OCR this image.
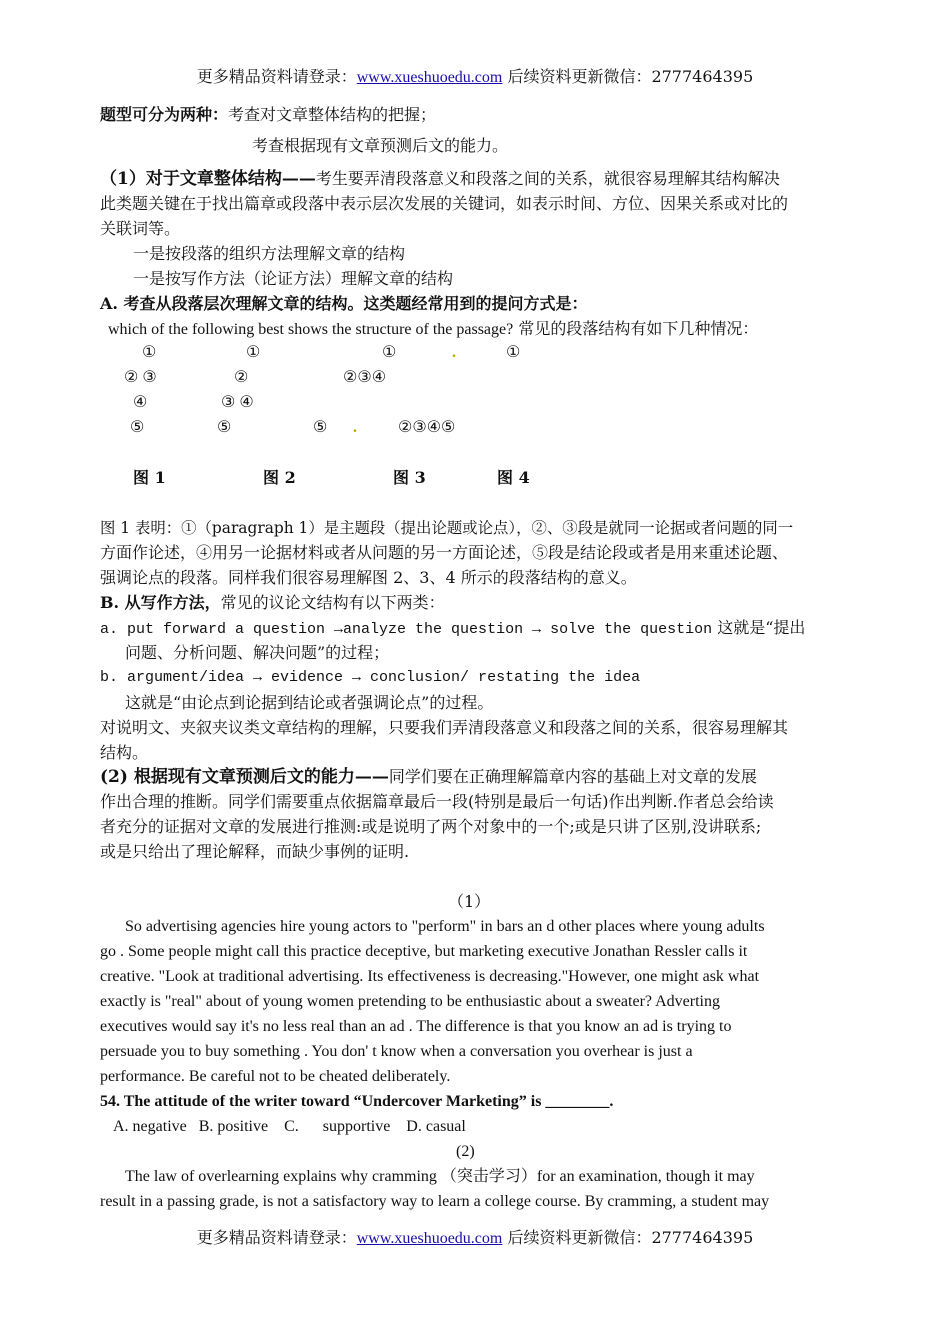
更多精品资料请登录：www.xueshuoedu.com 后续资料更新微信：2777464395
题型可分为两种：考查对文章整体结构的把握；
考查根据现有文章预测后文的能力。
（1）对于文章整体结构——考生要弄清段落意义和段落之间的关系，就很容易理解其结构解决
此类题关键在于找出篇章或段落中表示层次发展的关键词，如表示时间、方位、因果关系或对比的
关联词等。
一是按段落的组织方法理解文章的结构
一是按写作方法（论证方法）理解文章的结构
A. 考查从段落层次理解文章的结构。这类题经常用到的提问方式是：
which of the following best shows the structure of the passage? 常见的段落结构有如下几种情况：
①	①	①	.	①
② ③	②	②③④
④	③ ④
⑤	⑤	⑤ .	②③④⑤
图 1	图 2	图 3	图 4
图 1 表明：①（paragraph 1）是主题段（提出论题或论点），②、③段是就同一论据或者问题的同一
方面作论述，④用另一论据材料或者从问题的另一方面论述，⑤段是结论段或者是用来重述论题、
强调论点的段落。同样我们很容易理解图 2、3、4 所示的段落结构的意义。
B. 从写作方法，常见的议论文结构有以下两类：
a. put forward a question →analyze the question → solve the question 这就是“提出
问题、分析问题、解决问题”的过程；
b. argument/idea → evidence → conclusion/ restating the idea
这就是“由论点到论据到结论或者强调论点”的过程。
对说明文、夹叙夹议类文章结构的理解，只要我们弄清段落意义和段落之间的关系，很容易理解其
结构。
(2) 根据现有文章预测后文的能力——同学们要在正确理解篇章内容的基础上对文章的发展
作出合理的推断。同学们需要重点依据篇章最后一段(特别是最后一句话)作出判断.作者总会给读
者充分的证据对文章的发展进行推测:或是说明了两个对象中的一个;或是只讲了区别,没讲联系;
或是只给出了理论解释，而缺少事例的证明.
（1）
So advertising agencies hire young actors to "perform" in bars an d other places where young adults
go . Some people might call this practice deceptive, but marketing executive Jonathan Ressler calls it
creative. "Look at traditional advertising. Its effectiveness is decreasing."However, one might ask what
exactly is "real" about of young women pretending to be enthusiastic about a sweater? Adverting
executives would say it's no less real than an ad . The difference is that you know an ad is trying to
persuade you to buy something . You don' t know when a conversation you overhear is just a
performance. Be careful not to be cheated deliberately.
54. The attitude of the writer toward “Undercover Marketing” is ________.
A. negative   B. positive    C.      supportive    D. casual
(2)
The law of overlearning explains why cramming （突击学习）for an examination, though it may
result in a passing grade, is not a satisfactory way to learn a college course. By cramming, a student may
更多精品资料请登录：www.xueshuoedu.com 后续资料更新微信：2777464395
